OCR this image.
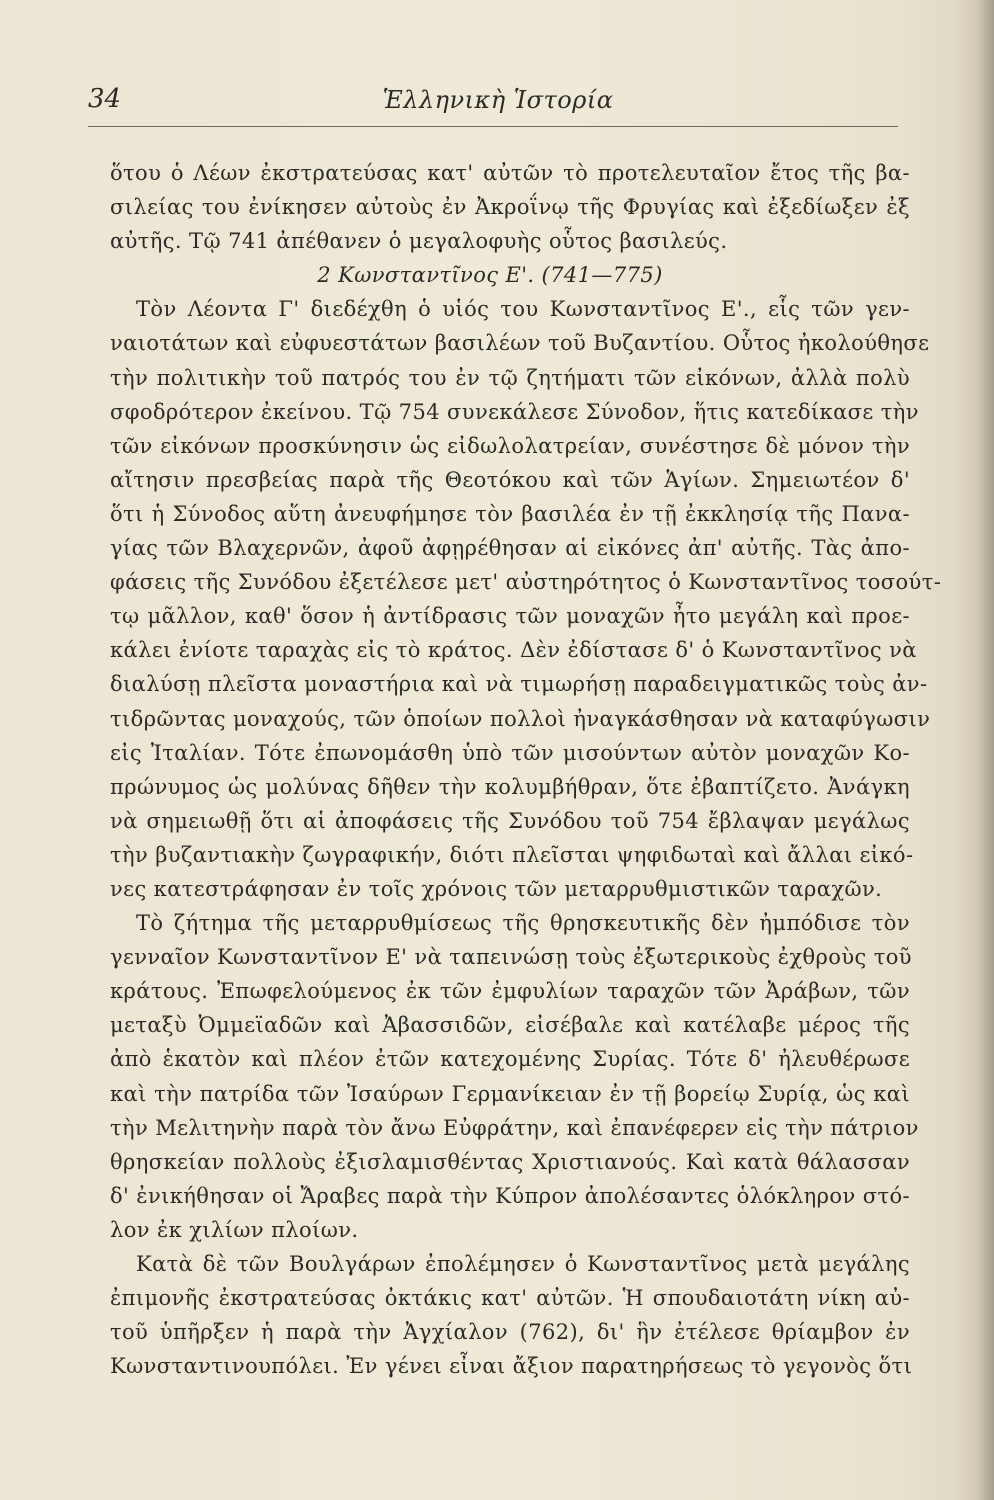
34	Ἑλληνικὴ Ἱστορία
ὅτου ὁ Λέων ἐκστρατεύσας κατ' αὐτῶν τὸ προτελευταῖον ἔτος τῆς βα-
σιλείας του ἐνίκησεν αὐτοὺς ἐν Ἀκροΐνῳ τῆς Φρυγίας καὶ ἐξεδίωξεν ἐξ
αὐτῆς. Τῷ 741 ἀπέθανεν ὁ μεγαλοφυὴς οὗτος βασιλεύς.
2 Κωνσταντῖνος Ε'. (741—775)
Τὸν Λέοντα Γ' διεδέχθη ὁ υἱός του Κωνσταντῖνος Ε'., εἷς τῶν γεν-
ναιοτάτων καὶ εὐφυεστάτων βασιλέων τοῦ Βυζαντίου. Οὗτος ἠκολούθησε
τὴν πολιτικὴν τοῦ πατρός του ἐν τῷ ζητήματι τῶν εἰκόνων, ἀλλὰ πολὺ
σφοδρότερον ἐκείνου. Τῷ 754 συνεκάλεσε Σύνοδον, ἥτις κατεδίκασε τὴν
τῶν εἰκόνων προσκύνησιν ὡς εἰδωλολατρείαν, συνέστησε δὲ μόνον τὴν
αἴτησιν πρεσβείας παρὰ τῆς Θεοτόκου καὶ τῶν Ἁγίων. Σημειωτέον δ'
ὅτι ἡ Σύνοδος αὕτη ἀνευφήμησε τὸν βασιλέα ἐν τῇ ἐκκλησίᾳ τῆς Πανα-
γίας τῶν Βλαχερνῶν, ἀφοῦ ἀφῃρέθησαν αἱ εἰκόνες ἀπ' αὐτῆς. Τὰς ἀπο-
φάσεις τῆς Συνόδου ἐξετέλεσε μετ' αὐστηρότητος ὁ Κωνσταντῖνος τοσούτ-
τῳ μᾶλλον, καθ' ὅσον ἡ ἀντίδρασις τῶν μοναχῶν ἦτο μεγάλη καὶ προε-
κάλει ἐνίοτε ταραχὰς εἰς τὸ κράτος. Δὲν ἐδίστασε δ' ὁ Κωνσταντῖνος νὰ
διαλύσῃ πλεῖστα μοναστήρια καὶ νὰ τιμωρήσῃ παραδειγματικῶς τοὺς ἀν-
τιδρῶντας μοναχούς, τῶν ὁποίων πολλοὶ ἠναγκάσθησαν νὰ καταφύγωσιν
εἰς Ἰταλίαν. Τότε ἐπωνομάσθη ὑπὸ τῶν μισούντων αὐτὸν μοναχῶν Κο-
πρώνυμος ὡς μολύνας δῆθεν τὴν κολυμβήθραν, ὅτε ἐβαπτίζετο. Ἀνάγκη
νὰ σημειωθῇ ὅτι αἱ ἀποφάσεις τῆς Συνόδου τοῦ 754 ἔβλαψαν μεγάλως
τὴν βυζαντιακὴν ζωγραφικήν, διότι πλεῖσται ψηφιδωταὶ καὶ ἄλλαι εἰκό-
νες κατεστράφησαν ἐν τοῖς χρόνοις τῶν μεταρρυθμιστικῶν ταραχῶν.
Τὸ ζήτημα τῆς μεταρρυθμίσεως τῆς θρησκευτικῆς δὲν ἠμπόδισε τὸν
γενναῖον Κωνσταντῖνον Ε' νὰ ταπεινώσῃ τοὺς ἐξωτερικοὺς ἐχθροὺς τοῦ
κράτους. Ἐπωφελούμενος ἐκ τῶν ἐμφυλίων ταραχῶν τῶν Ἀράβων, τῶν
μεταξὺ Ὀμμεϊαδῶν καὶ Ἀβασσιδῶν, εἰσέβαλε καὶ κατέλαβε μέρος τῆς
ἀπὸ ἑκατὸν καὶ πλέον ἐτῶν κατεχομένης Συρίας. Τότε δ' ἠλευθέρωσε
καὶ τὴν πατρίδα τῶν Ἰσαύρων Γερμανίκειαν ἐν τῇ βορείῳ Συρίᾳ, ὡς καὶ
τὴν Μελιτηνὴν παρὰ τὸν ἄνω Εὐφράτην, καὶ ἐπανέφερεν εἰς τὴν πάτριον
θρησκείαν πολλοὺς ἐξισλαμισθέντας Χριστιανούς. Καὶ κατὰ θάλασσαν
δ' ἐνικήθησαν οἱ Ἄραβες παρὰ τὴν Κύπρον ἀπολέσαντες ὁλόκληρον στό-
λον ἐκ χιλίων πλοίων.
Κατὰ δὲ τῶν Βουλγάρων ἐπολέμησεν ὁ Κωνσταντῖνος μετὰ μεγάλης
ἐπιμονῆς ἐκστρατεύσας ὀκτάκις κατ' αὐτῶν. Ἡ σπουδαιοτάτη νίκη αὐ-
τοῦ ὑπῆρξεν ἡ παρὰ τὴν Ἀγχίαλον (762), δι' ἣν ἐτέλεσε θρίαμβον ἐν
Κωνσταντινουπόλει. Ἐν γένει εἶναι ἄξιον παρατηρήσεως τὸ γεγονὸς ὅτι
